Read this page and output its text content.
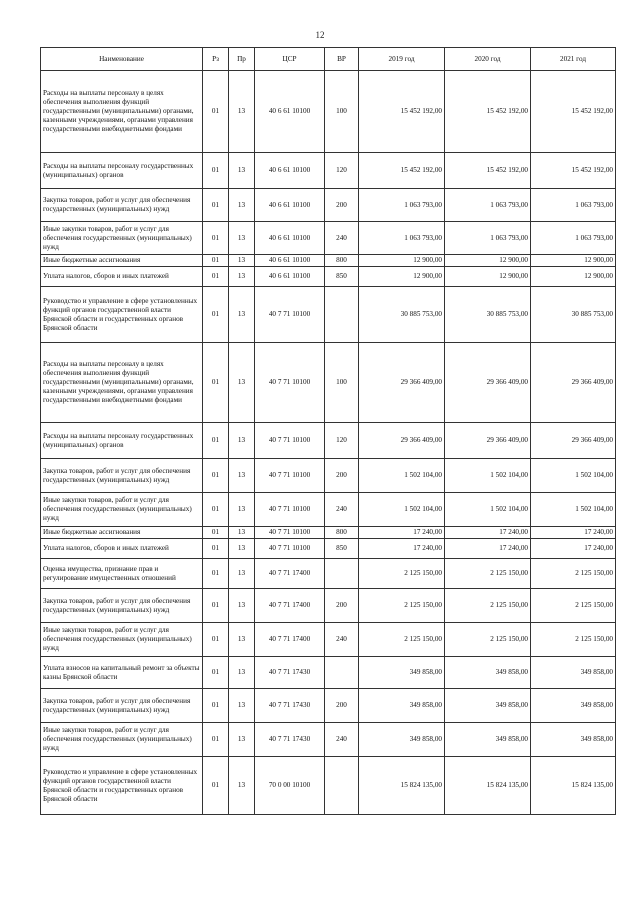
12
Наименование	Рз	Пр	ЦСР	ВР	2019 год	2020 год	2021 год
Расходы на выплаты персоналу в целях обеспечения выполнения функций государственными (муниципальными) органами, казенными учреждениями, органами управления государственными внебюджетными фондами	01	13	40 6 61 10100	100	15 452 192,00	15 452 192,00	15 452 192,00
Расходы на выплаты персоналу государственных (муниципальных) органов	01	13	40 6 61 10100	120	15 452 192,00	15 452 192,00	15 452 192,00
Закупка товаров, работ и услуг для обеспечения государственных (муниципальных) нужд	01	13	40 6 61 10100	200	1 063 793,00	1 063 793,00	1 063 793,00
Иные закупки товаров, работ и услуг для обеспечения государственных (муниципальных) нужд	01	13	40 6 61 10100	240	1 063 793,00	1 063 793,00	1 063 793,00
Иные бюджетные ассигнования	01	13	40 6 61 10100	800	12 900,00	12 900,00	12 900,00
Уплата налогов, сборов и иных платежей	01	13	40 6 61 10100	850	12 900,00	12 900,00	12 900,00
Руководство и управление в сфере установленных функций органов государственной власти Брянской области и государственных органов Брянской области	01	13	40 7 71 10100		30 885 753,00	30 885 753,00	30 885 753,00
Расходы на выплаты персоналу в целях обеспечения выполнения функций государственными (муниципальными) органами, казенными учреждениями, органами управления государственными внебюджетными фондами	01	13	40 7 71 10100	100	29 366 409,00	29 366 409,00	29 366 409,00
Расходы на выплаты персоналу государственных (муниципальных) органов	01	13	40 7 71 10100	120	29 366 409,00	29 366 409,00	29 366 409,00
Закупка товаров, работ и услуг для обеспечения государственных (муниципальных) нужд	01	13	40 7 71 10100	200	1 502 104,00	1 502 104,00	1 502 104,00
Иные закупки товаров, работ и услуг для обеспечения государственных (муниципальных) нужд	01	13	40 7 71 10100	240	1 502 104,00	1 502 104,00	1 502 104,00
Иные бюджетные ассигнования	01	13	40 7 71 10100	800	17 240,00	17 240,00	17 240,00
Уплата налогов, сборов и иных платежей	01	13	40 7 71 10100	850	17 240,00	17 240,00	17 240,00
Оценка имущества, признание прав и регулирование имущественных отношений	01	13	40 7 71 17400		2 125 150,00	2 125 150,00	2 125 150,00
Закупка товаров, работ и услуг для обеспечения государственных (муниципальных) нужд	01	13	40 7 71 17400	200	2 125 150,00	2 125 150,00	2 125 150,00
Иные закупки товаров, работ и услуг для обеспечения государственных (муниципальных) нужд	01	13	40 7 71 17400	240	2 125 150,00	2 125 150,00	2 125 150,00
Уплата взносов на капитальный ремонт за объекты казны Брянской области	01	13	40 7 71 17430		349 858,00	349 858,00	349 858,00
Закупка товаров, работ и услуг для обеспечения государственных (муниципальных) нужд	01	13	40 7 71 17430	200	349 858,00	349 858,00	349 858,00
Иные закупки товаров, работ и услуг для обеспечения государственных (муниципальных) нужд	01	13	40 7 71 17430	240	349 858,00	349 858,00	349 858,00
Руководство и управление в сфере установленных функций органов государственной власти Брянской области и государственных органов Брянской области	01	13	70 0 00 10100		15 824 135,00	15 824 135,00	15 824 135,00
